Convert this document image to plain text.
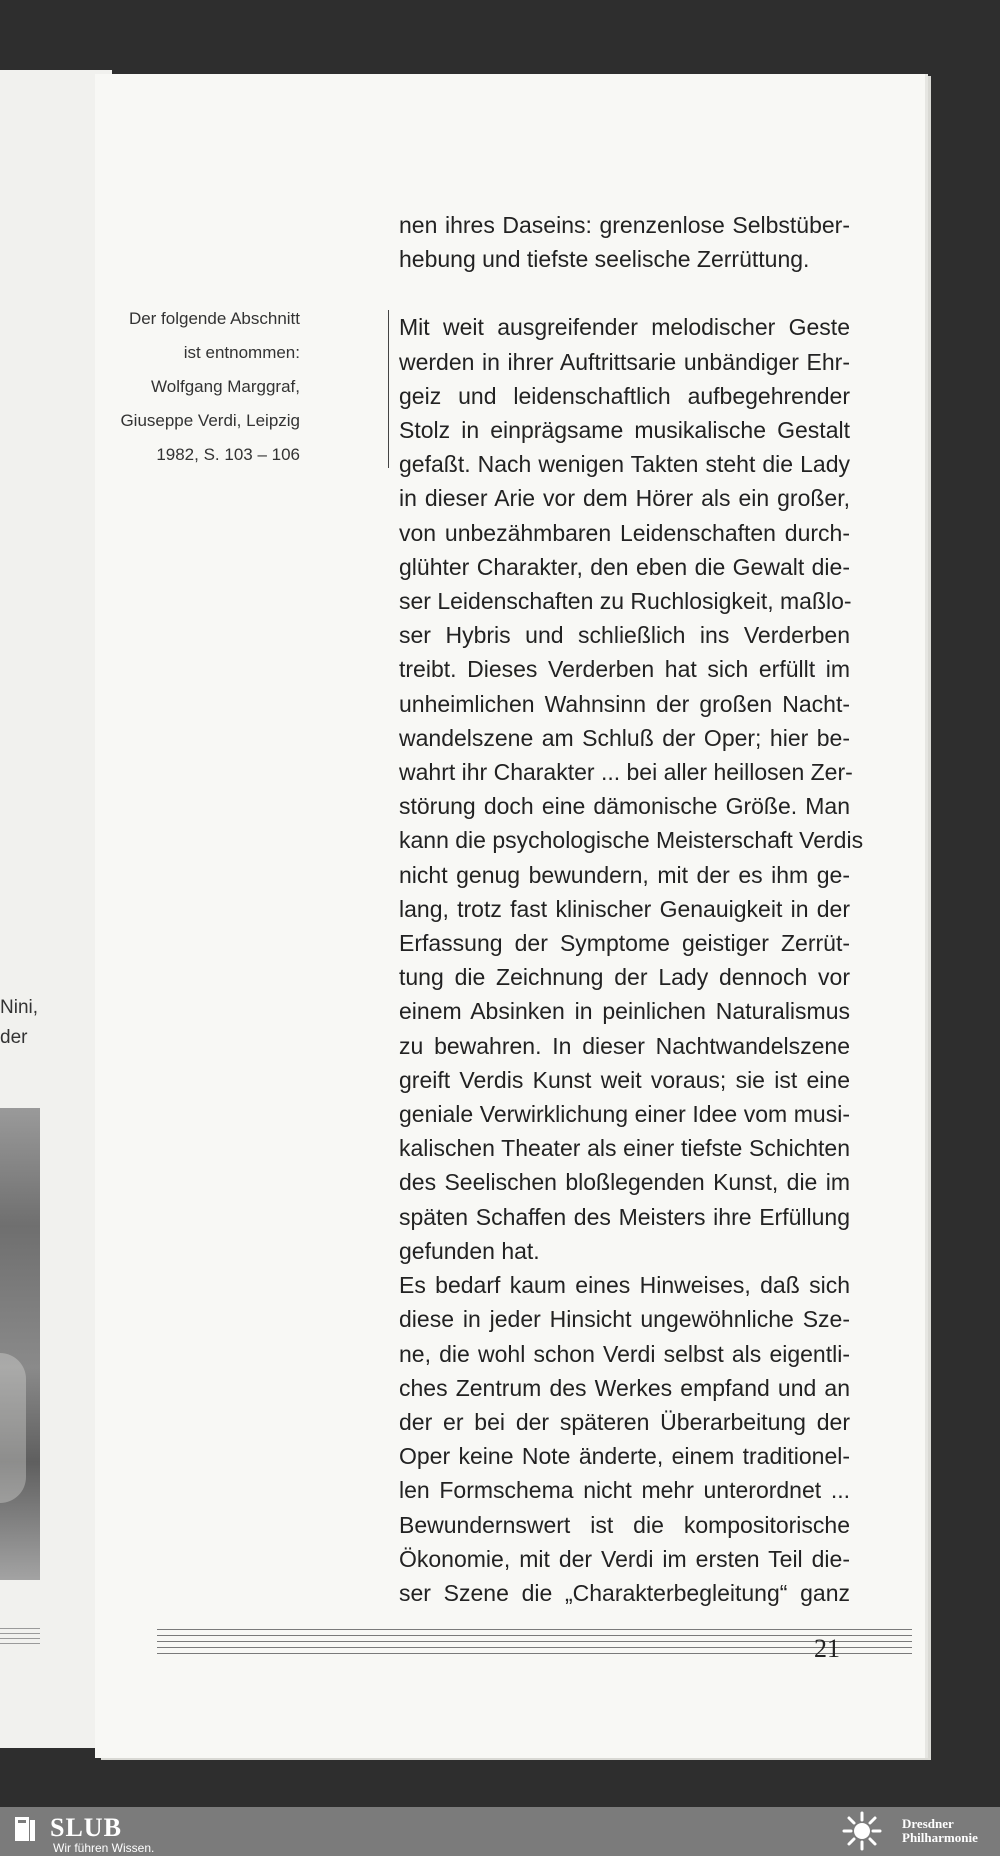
Nini,
der
Der folgende Abschnitt
ist entnommen:
Wolfgang Marggraf,
Giuseppe Verdi, Leipzig
1982, S. 103 – 106
nen ihres Daseins: grenzenlose Selbstüber-
hebung und tiefste seelische Zerrüttung.
Mit weit ausgreifender melodischer Geste
werden in ihrer Auftrittsarie unbändiger Ehr-
geiz und leidenschaftlich aufbegehrender
Stolz in einprägsame musikalische Gestalt
gefaßt. Nach wenigen Takten steht die Lady
in dieser Arie vor dem Hörer als ein großer,
von unbezähmbaren Leidenschaften durch-
glühter Charakter, den eben die Gewalt die-
ser Leidenschaften zu Ruchlosigkeit, maßlo-
ser Hybris und schließlich ins Verderben
treibt. Dieses Verderben hat sich erfüllt im
unheimlichen Wahnsinn der großen Nacht-
wandelszene am Schluß der Oper; hier be-
wahrt ihr Charakter ... bei aller heillosen Zer-
störung doch eine dämonische Größe. Man
kann die psychologische Meisterschaft Verdis
nicht genug bewundern, mit der es ihm ge-
lang, trotz fast klinischer Genauigkeit in der
Erfassung der Symptome geistiger Zerrüt-
tung die Zeichnung der Lady dennoch vor
einem Absinken in peinlichen Naturalismus
zu bewahren. In dieser Nachtwandelszene
greift Verdis Kunst weit voraus; sie ist eine
geniale Verwirklichung einer Idee vom musi-
kalischen Theater als einer tiefste Schichten
des Seelischen bloßlegenden Kunst, die im
späten Schaffen des Meisters ihre Erfüllung
gefunden hat.
Es bedarf kaum eines Hinweises, daß sich
diese in jeder Hinsicht ungewöhnliche Sze-
ne, die wohl schon Verdi selbst als eigentli-
ches Zentrum des Werkes empfand und an
der er bei der späteren Überarbeitung der
Oper keine Note änderte, einem traditionel-
len Formschema nicht mehr unterordnet ...
Bewundernswert ist die kompositorische
Ökonomie, mit der Verdi im ersten Teil die-
ser Szene die „Charakterbegleitung“ ganz
21
SLUB
Wir führen Wissen.
Dresdner
Philharmonie
